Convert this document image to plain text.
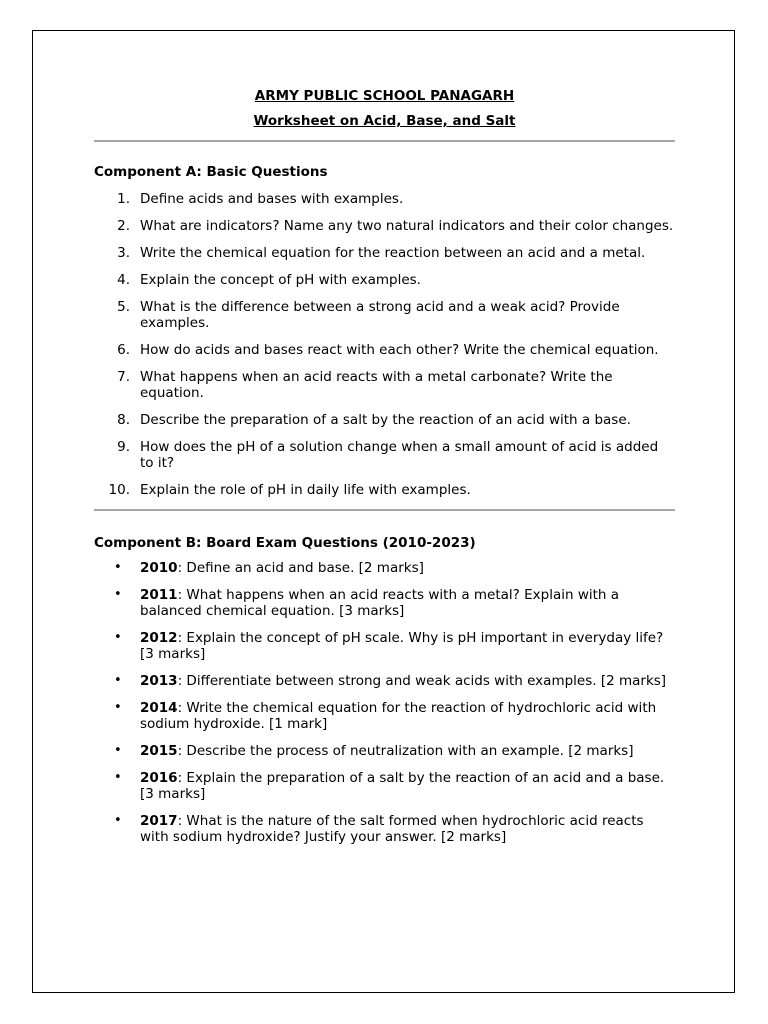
ARMY PUBLIC SCHOOL PANAGARH

Worksheet on Acid, Base, and Salt

Component A: Basic Questions

1. Define acids and bases with examples.
2. What are indicators? Name any two natural indicators and their color changes.
3. Write the chemical equation for the reaction between an acid and a metal.
4. Explain the concept of pH with examples.
5. What is the difference between a strong acid and a weak acid? Provide examples.
6. How do acids and bases react with each other? Write the chemical equation.
7. What happens when an acid reacts with a metal carbonate? Write the equation.
8. Describe the preparation of a salt by the reaction of an acid with a base.
9. How does the pH of a solution change when a small amount of acid is added to it?
10. Explain the role of pH in daily life with examples.

Component B: Board Exam Questions (2010-2023)

• 2010: Define an acid and base. [2 marks]
• 2011: What happens when an acid reacts with a metal? Explain with a balanced chemical equation. [3 marks]
• 2012: Explain the concept of pH scale. Why is pH important in everyday life? [3 marks]
• 2013: Differentiate between strong and weak acids with examples. [2 marks]
• 2014: Write the chemical equation for the reaction of hydrochloric acid with sodium hydroxide. [1 mark]
• 2015: Describe the process of neutralization with an example. [2 marks]
• 2016: Explain the preparation of a salt by the reaction of an acid and a base. [3 marks]
• 2017: What is the nature of the salt formed when hydrochloric acid reacts with sodium hydroxide? Justify your answer. [2 marks]
